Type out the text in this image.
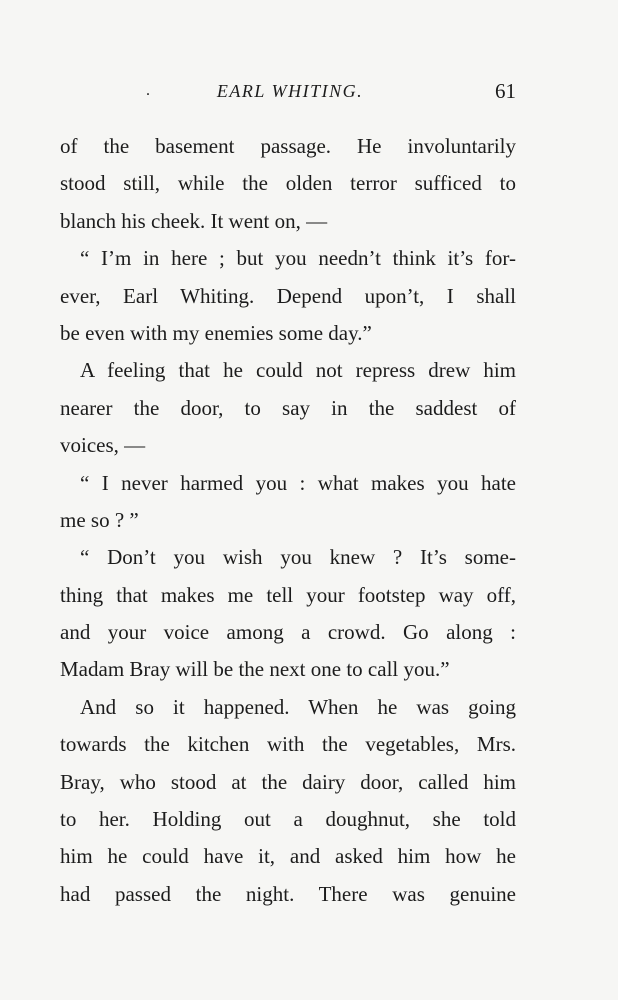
.	EARL WHITING.	61
of the basement passage. He involuntarily
stood still, while the olden terror sufficed to
blanch his cheek. It went on, —
“ I’m in here ; but you needn’t think it’s for-
ever, Earl Whiting. Depend upon’t, I shall
be even with my enemies some day.”
A feeling that he could not repress drew him
nearer the door, to say in the saddest of
voices, —
“ I never harmed you : what makes you hate
me so ? ”
“ Don’t you wish you knew ? It’s some-
thing that makes me tell your footstep way off,
and your voice among a crowd. Go along :
Madam Bray will be the next one to call you.”
And so it happened. When he was going
towards the kitchen with the vegetables, Mrs.
Bray, who stood at the dairy door, called him
to her. Holding out a doughnut, she told
him he could have it, and asked him how he
had passed the night. There was genuine
